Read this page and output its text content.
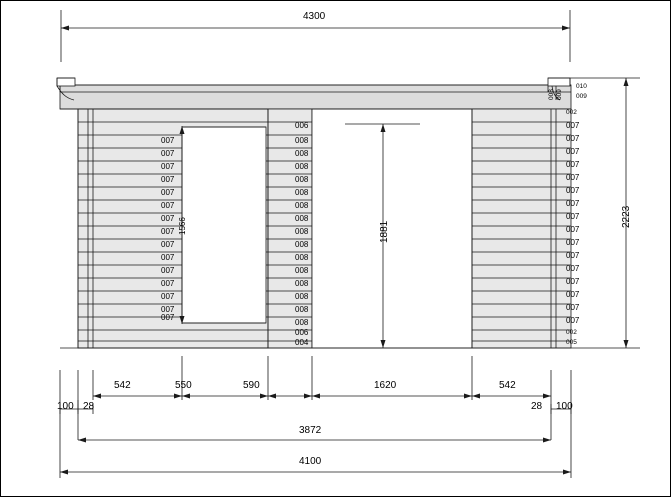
4300
2223
1881
1566
007
007
007
007
007
007
007
007
007
007
007
007
007
007
007
006
008
008
008
008
008
008
008
008
008
008
008
008
008
008
008
006
004
010
009
002
007
007
007
007
007
007
007
007
007
007
007
007
007
007
007
007
002
005
008 009
542	550	590	1620	542
100 28	28 100
3872
4100
